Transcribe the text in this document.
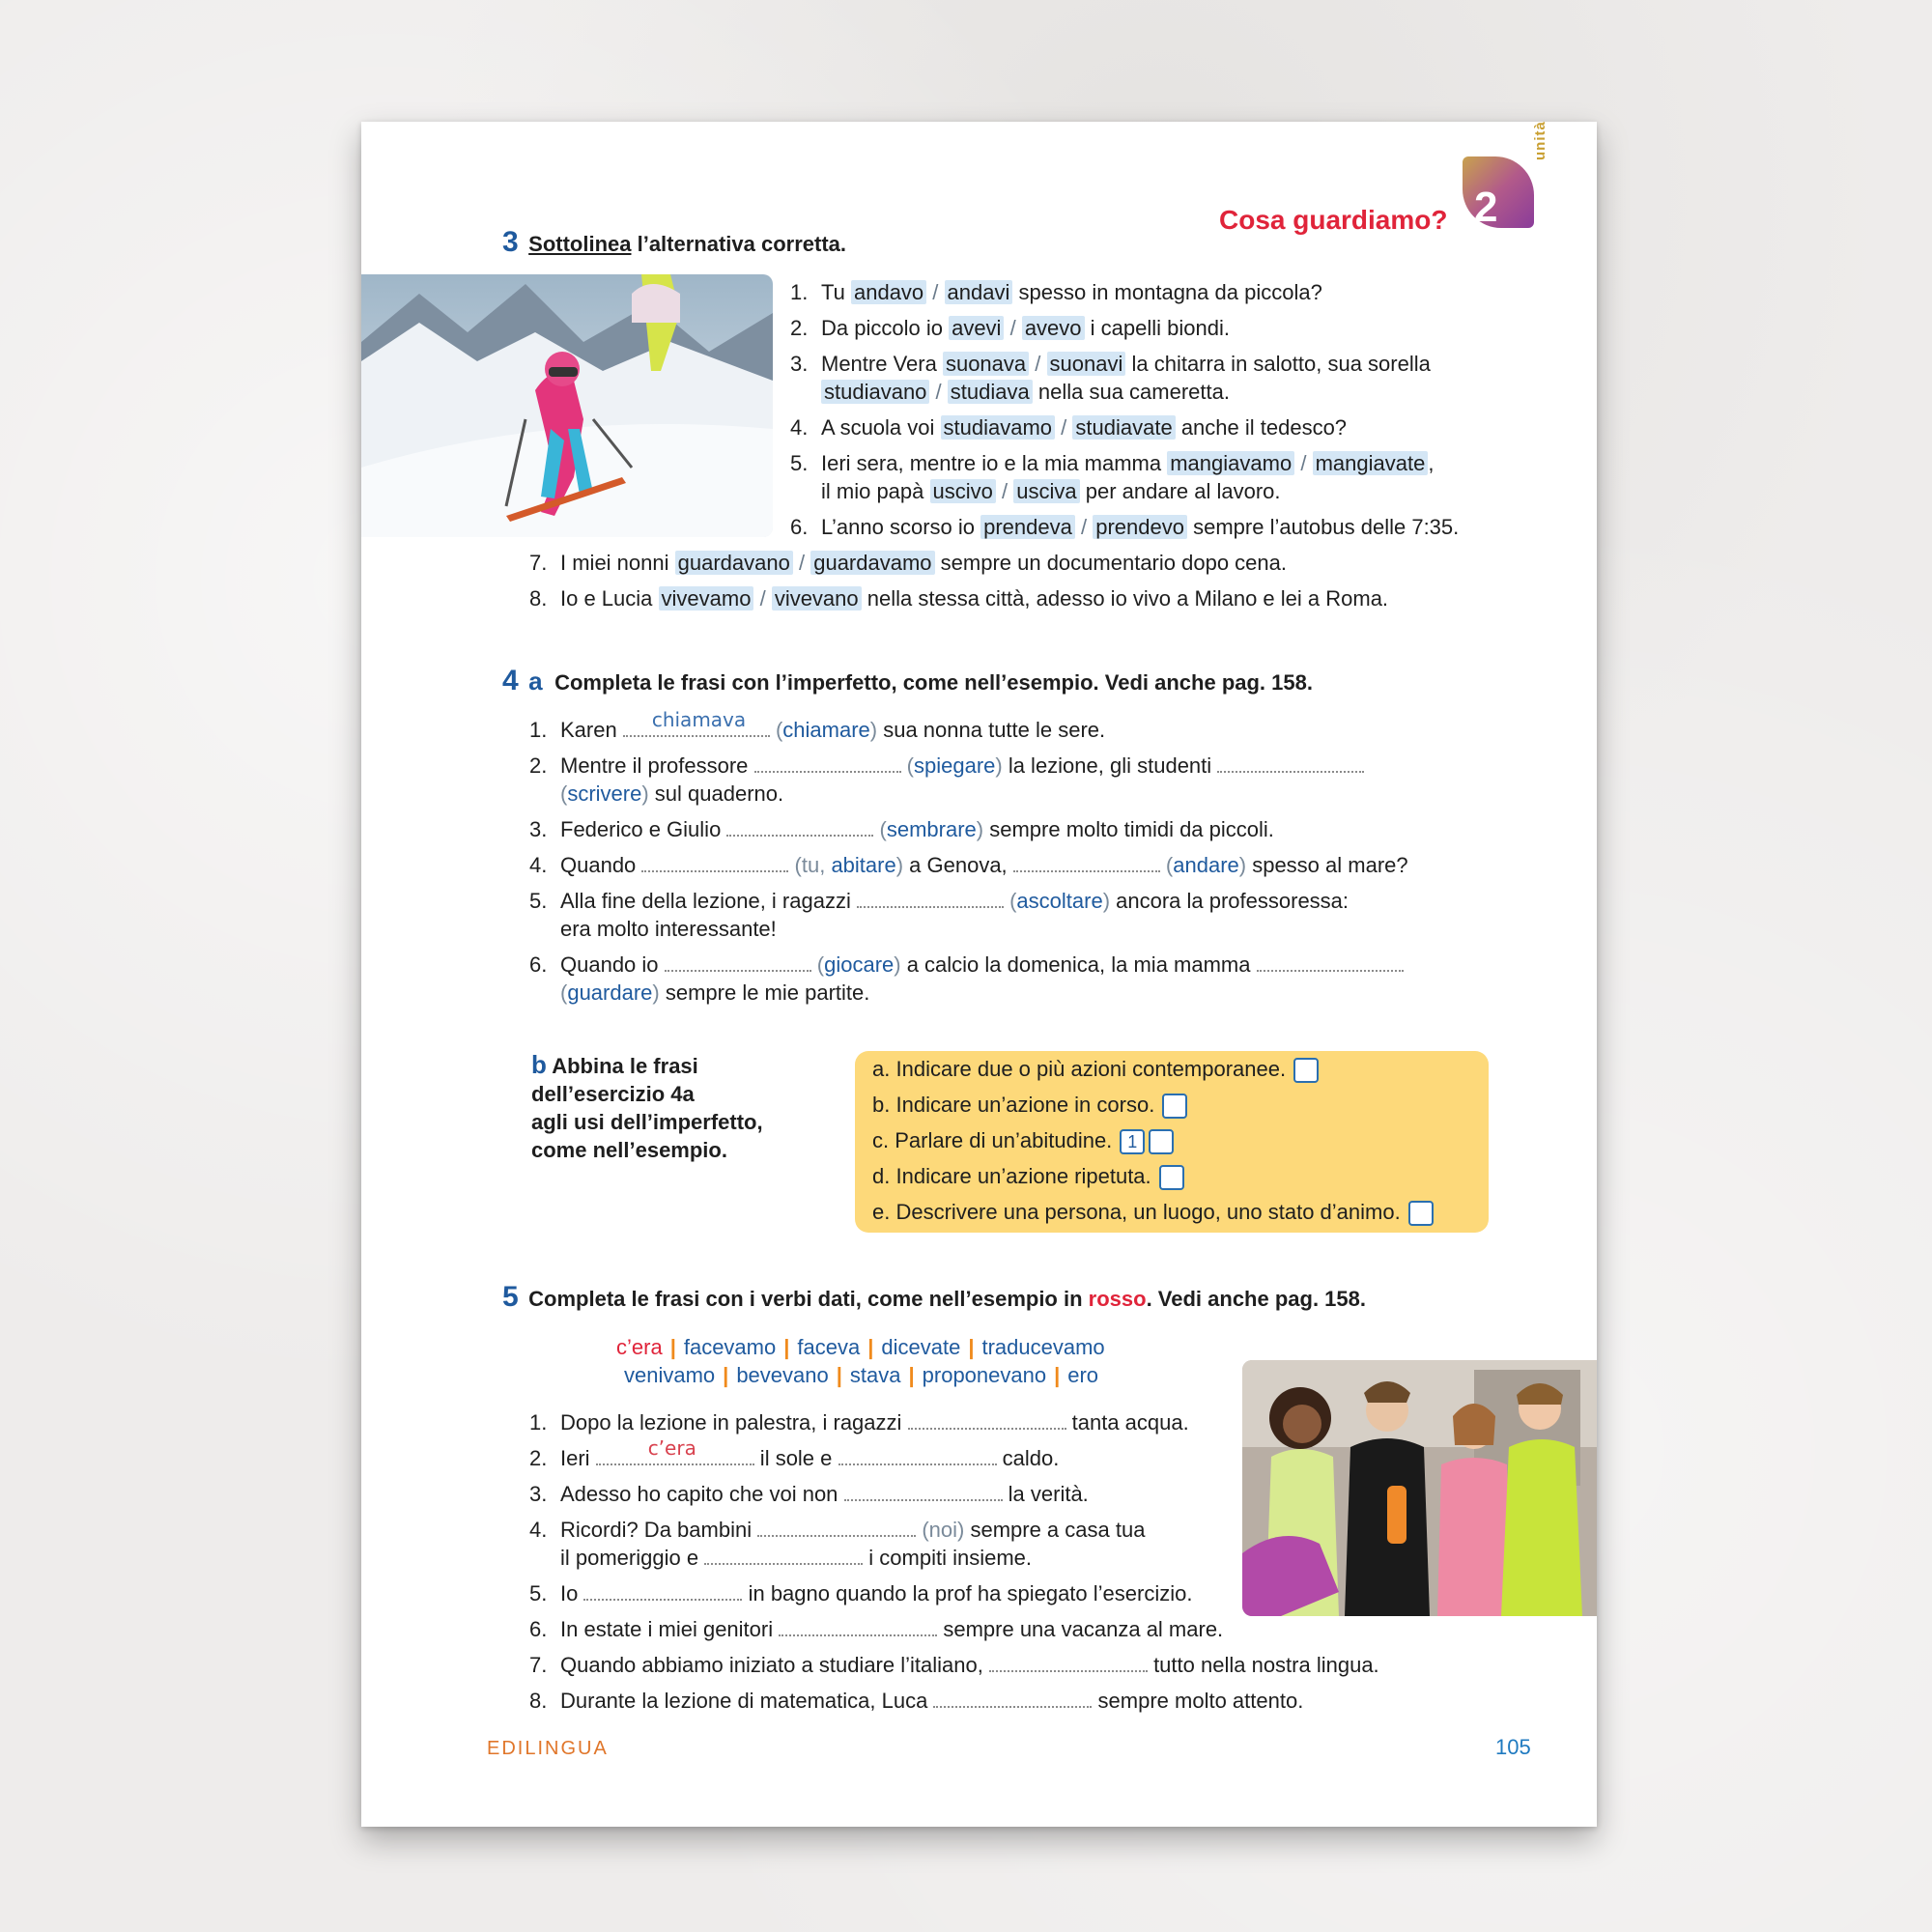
Cosa guardiamo? 2
unità
3 Sottolinea l’alternativa corretta.
1. Tu andavo / andavi spesso in montagna da piccola?
2. Da piccolo io avevi / avevo i capelli biondi.
3. Mentre Vera suonava / suonavi la chitarra in salotto, sua sorella
studiavano / studiava nella sua cameretta.
4. A scuola voi studiavamo / studiavate anche il tedesco?
5. Ieri sera, mentre io e la mia mamma mangiavamo / mangiavate ,
il mio papà uscivo / usciva per andare al lavoro.
6. L’anno scorso io prendeva / prendevo sempre l’autobus delle 7:35.
7. I miei nonni guardavano / guardavamo sempre un documentario dopo cena.
8. Io e Lucia vivevamo / vivevano nella stessa città, adesso io vivo a Milano e lei a Roma.
4 a Completa le frasi con l’imperfetto, come nell’esempio. Vedi anche pag. 158.
1. Karen chiamava (chiamare) sua nonna tutte le sere.
2. Mentre il professore	(spiegare) la lezione, gli studenti
(scrivere) sul quaderno.
3. Federico e Giulio	(sembrare) sempre molto timidi da piccoli.
4. Quando	(tu, abitare) a Genova,	(andare) spesso al mare?
5. Alla fine della lezione, i ragazzi	(ascoltare) ancora la professoressa:
era molto interessante!
6. Quando io	(giocare) a calcio la domenica, la mia mamma
(guardare) sempre le mie partite.
b Abbina le frasi
dell’esercizio 4a
agli usi dell’imperfetto,
come nell’esempio.
a. Indicare due o più azioni contemporanee.
b. Indicare un’azione in corso.
c. Parlare di un’abitudine. 1
d. Indicare un’azione ripetuta.
e. Descrivere una persona, un luogo, uno stato d’animo.
5 Completa le frasi con i verbi dati, come nell’esempio in rosso. Vedi anche pag. 158.
c’era | facevamo | faceva | dicevate | traducevamo
venivamo | bevevano | stava | proponevano | ero
1. Dopo la lezione in palestra, i ragazzi	tanta acqua.
2. Ieri	c’era	il sole e	caldo.
3. Adesso ho capito che voi non	la verità.
4. Ricordi? Da bambini	(noi) sempre a casa tua
il pomeriggio e	i compiti insieme.
5. Io	in bagno quando la prof ha spiegato l’esercizio.
6. In estate i miei genitori	sempre una vacanza al mare.
7. Quando abbiamo iniziato a studiare l’italiano,	tutto nella nostra lingua.
8. Durante la lezione di matematica, Luca	sempre molto attento.
EDILINGUA	105
